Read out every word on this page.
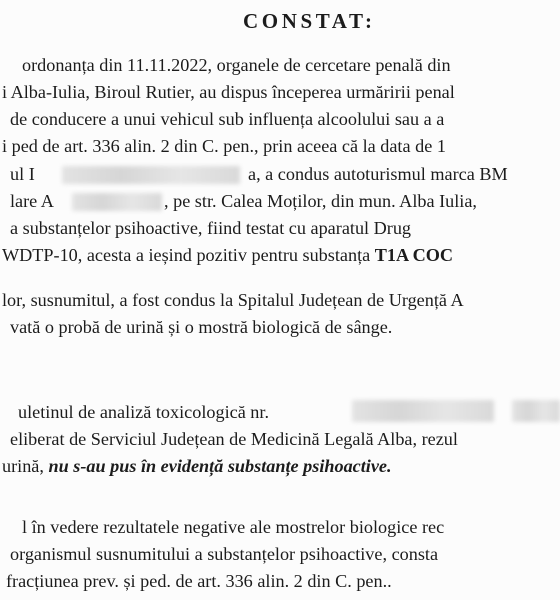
CONSTAT:
ordonanța din 11.11.2022, organele de cercetare penală din
i Alba-Iulia, Biroul Rutier, au dispus începerea urmăririi penal
de conducere a unui vehicul sub influența alcoolului sau a a
i ped de art. 336 alin. 2 din C. pen., prin aceea că la data de 1
ul I	a, a condus autoturismul marca BM
lare A	, pe str. Calea Moților, din mun. Alba Iulia,
a substanțelor psihoactive, fiind testat cu aparatul Drug
WDTP-10, acesta a ieșind pozitiv pentru substanța T1A COC
lor, susnumitul, a fost condus la Spitalul Județean de Urgență A
vată o probă de urină și o mostră biologică de sânge.
uletinul de analiză toxicologică nr.
eliberat de Serviciul Județean de Medicină Legală Alba, rezul
urină, nu s-au pus în evidență substanțe psihoactive.
l în vedere rezultatele negative ale mostrelor biologice rec
organismul susnumitului a substanțelor psihoactive, consta
fracțiunea prev. și ped. de art. 336 alin. 2 din C. pen..
